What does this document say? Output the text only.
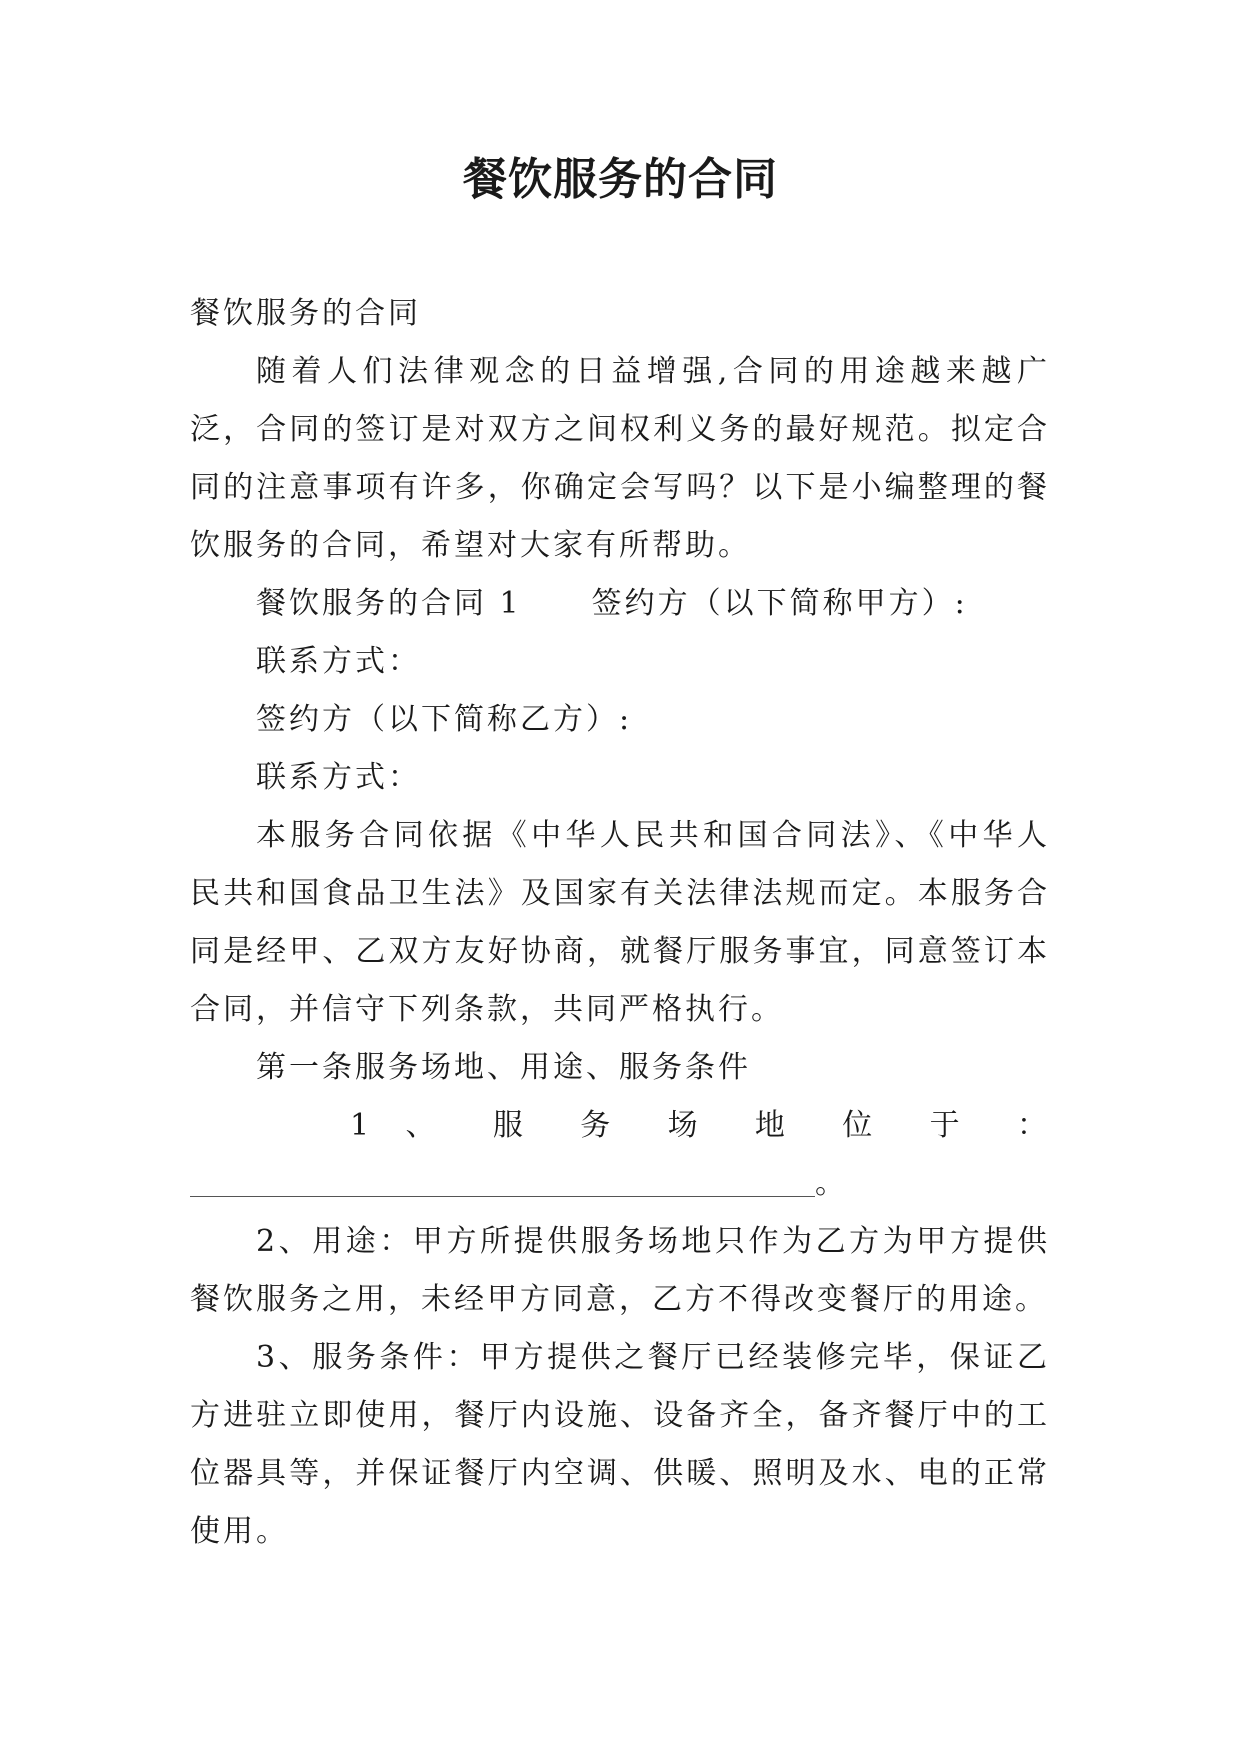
餐饮服务的合同

餐饮服务的合同

随着人们法律观念的日益增强,合同的用途越来越广泛，合同的签订是对双方之间权利义务的最好规范。拟定合同的注意事项有许多，你确定会写吗？以下是小编整理的餐饮服务的合同，希望对大家有所帮助。

餐饮服务的合同 1 签约方（以下简称甲方）:

联系方式：

签约方（以下简称乙方）:

联系方式：

本服务合同依据《中华人民共和国合同法》、《中华人民共和国食品卫生法》及国家有关法律法规而定。本服务合同是经甲、乙双方友好协商，就餐厅服务事宜，同意签订本合同，并信守下列条款，共同严格执行。

第一条服务场地、用途、服务条件

1 、 服 务 场 地 位 于 ：

。

2、用途：甲方所提供服务场地只作为乙方为甲方提供餐饮服务之用，未经甲方同意，乙方不得改变餐厅的用途。

3、服务条件：甲方提供之餐厅已经装修完毕，保证乙方进驻立即使用，餐厅内设施、设备齐全，备齐餐厅中的工位器具等，并保证餐厅内空调、供暖、照明及水、电的正常使用。
